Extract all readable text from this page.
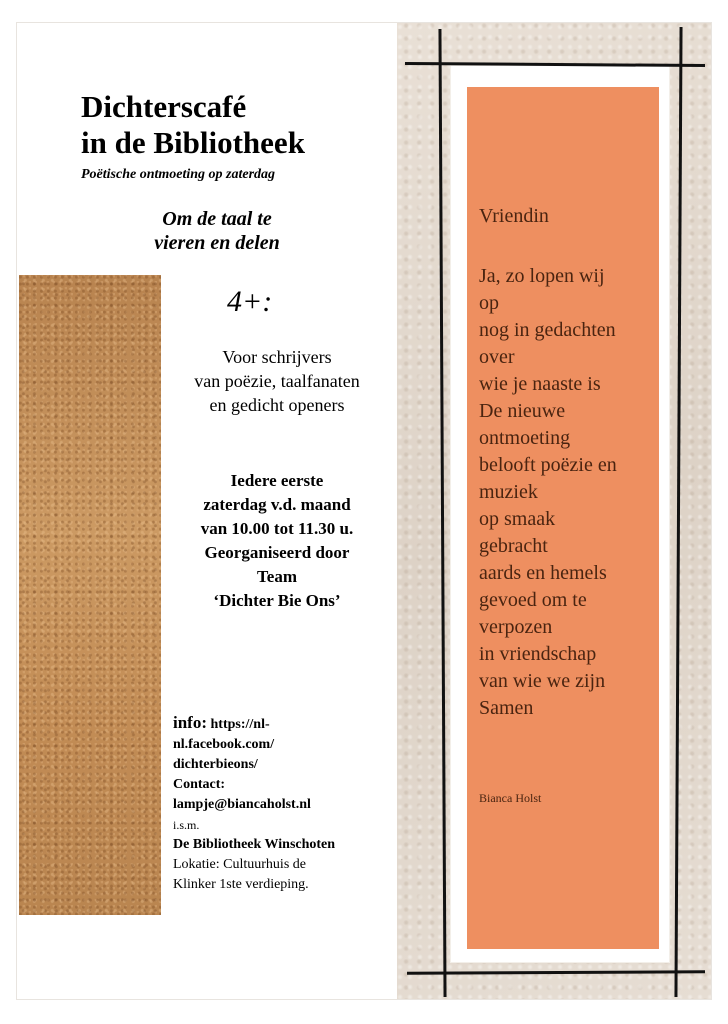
Dichterscafé
in de Bibliotheek
Poëtische ontmoeting op zaterdag
Om de taal te
vieren en delen
4+:
Voor schrijvers
van poëzie, taalfanaten
en gedicht openers
Iedere eerste
zaterdag v.d. maand
van 10.00 tot 11.30 u.
Georganiseerd door
Team
‘Dichter Bie Ons’
info: https://nl-
nl.facebook.com/
dichterbieons/
Contact:
lampje@biancaholst.nl
i.s.m.
De Bibliotheek Winschoten
Lokatie: Cultuurhuis de
Klinker 1ste verdieping.
Vriendin
Ja, zo lopen wij
op
nog in gedachten
over
wie je naaste is
De nieuwe
ontmoeting
belooft poëzie en
muziek
op smaak
gebracht
aards en hemels
gevoed om te
verpozen
in vriendschap
van wie we zijn
Samen
Bianca Holst
